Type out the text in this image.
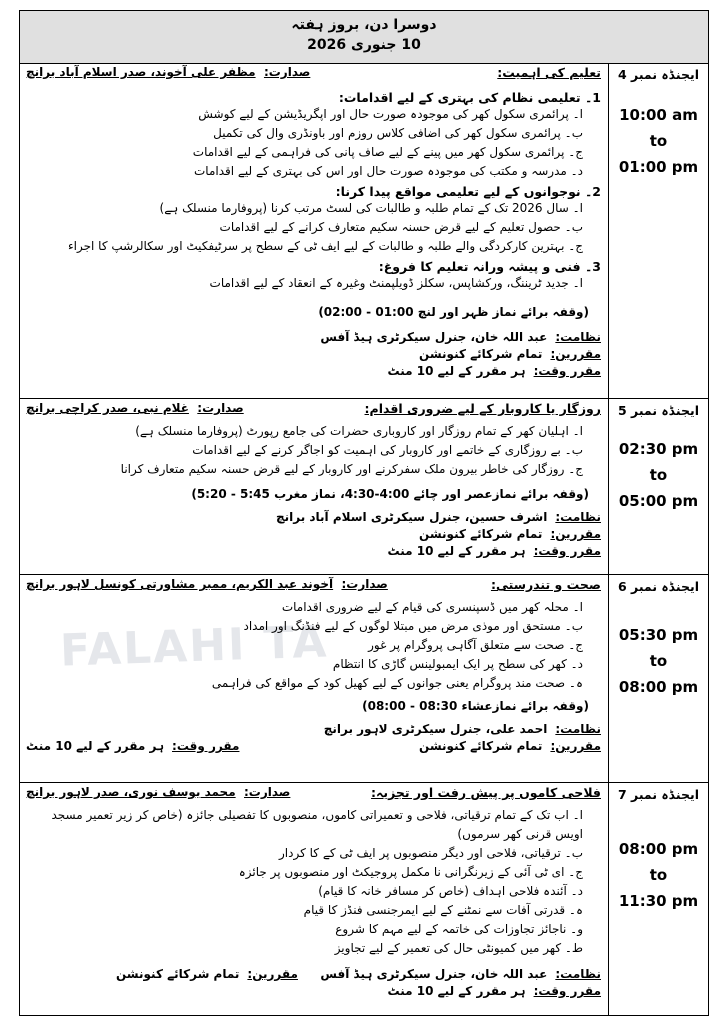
FALAHI TA
دوسرا دن، بروز ہفتہ
10 جنوری 2026
ایجنڈہ نمبر 4
10:00 am
to
01:00 pm
تعلیم کی اہمیت:
صدارت:  مظفر علی آخوند، صدر اسلام آباد برانچ
1۔ تعلیمی نظام کی بہتری کے لیے اقدامات:
ا۔ پرائمری سکول کھر کی موجودہ صورت حال اور اپگریڈیشن کے لیے کوشش
ب۔ پرائمری سکول کھر کی اضافی کلاس روزم اور باونڈری وال کی تکمیل
ج۔ پرائمری سکول کھر میں پینے کے لیے صاف پانی کی فراہمی کے لیے اقدامات
د۔ مدرسہ و مکتب کی موجودہ صورت حال اور اس کی بہتری کے لیے اقدامات
2۔ نوجوانوں کے لیے تعلیمی مواقع پیدا کرنا:
ا۔ سال 2026 تک کے تمام طلبہ و طالبات کی لسٹ مرتب کرنا (پروفارما منسلک ہے)
ب۔ حصول تعلیم کے لیے قرض حسنہ سکیم متعارف کرانے کے لیے اقدامات
ج۔ بہترین کارکردگی والے طلبہ و طالبات کے لیے ایف ٹی کے سطح پر سرٹیفکیٹ اور سکالرشپ کا اجراء
3۔ فنی و پیشہ ورانہ تعلیم کا فروغ:
ا۔ جدید ٹریننگ، ورکشاپس، سکلز ڈویلپمنٹ وغیرہ کے انعقاد کے لیے اقدامات
(وقفہ برائے نماز ظہر اور لنچ 01:00 - 02:00)
نظامت:عبد اللہ خان، جنرل سیکرٹری ہیڈ آفس
مقررین:تمام شرکائے کنونشن
مقرر وقت:ہر مقرر کے لیے 10 منٹ
ایجنڈہ نمبر 5
02:30 pm
to
05:00 pm
روزگار یا کاروبار کے لیے ضروری اقدام:
صدارت:  غلام نبی، صدر کراچی برانچ
ا۔ اہلیان کھر کے تمام روزگار اور کاروباری حضرات کی جامع رپورٹ (پروفارما منسلک ہے)
ب۔ بے روزگاری کے خاتمے اور کاروبار کی اہمیت کو اجاگر کرنے کے لیے اقدامات
ج۔ روزگار کی خاطر بیرون ملک سفرکرنے اور کاروبار کے لیے قرض حسنہ سکیم متعارف کرانا
(وقفہ برائے نمازعصر اور چائے 4:00-4:30، نماز مغرب 5:45 - 5:20)
نظامت:اشرف حسین، جنرل سیکرٹری اسلام آباد برانچ
مقررین:تمام شرکائے کنونشن
مقرر وقت:ہر مقرر کے لیے 10 منٹ
ایجنڈہ نمبر 6
05:30 pm
to
08:00 pm
صحت و تندرستی:
صدارت:  آخوند عبد الکریم، ممبر مشاورتی کونسل لاہور برانچ
ا۔ محلہ کھر میں ڈسپنسری کی قیام کے لیے ضروری اقدامات
ب۔ مستحق اور موذی مرض میں مبتلا لوگوں کے لیے فنڈنگ اور امداد
ج۔ صحت سے متعلق آگاہی پروگرام پر غور
د۔ کھر کی سطح پر ایک ایمبولینس گاڑی کا انتظام
ہ۔ صحت مند پروگرام یعنی جوانوں کے لیے کھیل کود کے مواقع کی فراہمی
(وقفہ برائے نمازعشاء 08:30 - 08:00)
نظامت:احمد علی، جنرل سیکرٹری لاہور برانچ
مقررین:تمام شرکائے کنونشن
مقرر وقت:ہر مقرر کے لیے 10 منٹ
ایجنڈہ نمبر 7
08:00 pm
to
11:30 pm
فلاحی کاموں پر پیش رفت اور تجزیہ:
صدارت:  محمد یوسف نوری، صدر لاہور برانچ
ا۔ اب تک کے تمام ترقیاتی، فلاحی و تعمیراتی کاموں، منصوبوں کا تفصیلی جائزہ (خاص کر زیر تعمیر مسجد اویس قرنی کھر سرموں)
ب۔ ترقیاتی، فلاحی اور دیگر منصوبوں پر ایف ٹی کے کا کردار
ج۔ ای ٹی آئی کے زیرنگرانی نا مکمل پروجیکٹ اور منصوبوں پر جائزہ
د۔ آئندہ فلاحی اہداف (خاص کر مسافر خانہ کا قیام)
ہ۔ قدرتی آفات سے نمٹنے کے لیے ایمرجنسی فنڈز کا قیام
و۔ ناجائز تجاوزات کی خاتمہ کے لیے مہم کا شروع
ط۔ کھر میں کمیونٹی حال کی تعمیر کے لیے تجاویز
نظامت:عبد اللہ خان، جنرل سیکرٹری ہیڈ آفس
مقررین:تمام شرکائے کنونشن
مقرر وقت:ہر مقرر کے لیے 10 منٹ
